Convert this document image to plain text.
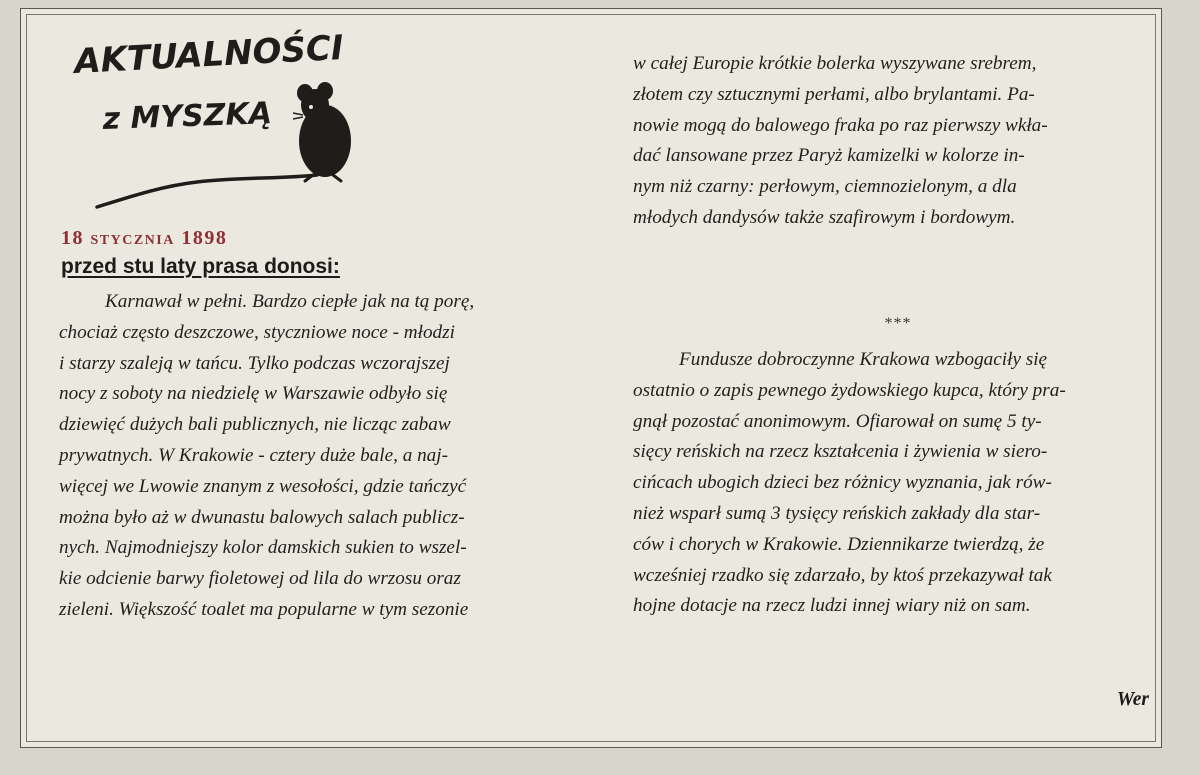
AKTUALNOŚCI
z MYSZKĄ
18 stycznia 1898
przed stu laty prasa donosi:

Karnawał w pełni. Bardzo ciepłe jak na tą porę,
chociaż często deszczowe, styczniowe noce - młodzi
i starzy szaleją w tańcu. Tylko podczas wczorajszej
nocy z soboty na niedzielę w Warszawie odbyło się
dziewięć dużych bali publicznych, nie licząc zabaw
prywatnych. W Krakowie - cztery duże bale, a naj-
więcej we Lwowie znanym z wesołości, gdzie tańczyć
można było aż w dwunastu balowych salach publicz-
nych. Najmodniejszy kolor damskich sukien to wszel-
kie odcienie barwy fioletowej od lila do wrzosu oraz
zieleni. Większość toalet ma popularne w tym sezonie

w całej Europie krótkie bolerka wyszywane srebrem,
złotem czy sztucznymi perłami, albo brylantami. Pa-
nowie mogą do balowego fraka po raz pierwszy wkła-
dać lansowane przez Paryż kamizelki w kolorze in-
nym niż czarny: perłowym, ciemnozielonym, a dla
młodych dandysów także szafirowym i bordowym.

***

Fundusze dobroczynne Krakowa wzbogaciły się
ostatnio o zapis pewnego żydowskiego kupca, który pra-
gnął pozostać anonimowym. Ofiarował on sumę 5 ty-
sięcy reńskich na rzecz kształcenia i żywienia w siero-
cińcach ubogich dzieci bez różnicy wyznania, jak rów-
nież wsparł sumą 3 tysięcy reńskich zakłady dla star-
ców i chorych w Krakowie. Dziennikarze twierdzą, że
wcześniej rzadko się zdarzało, by ktoś przekazywał tak
hojne dotacje na rzecz ludzi innej wiary niż on sam.

Wer
